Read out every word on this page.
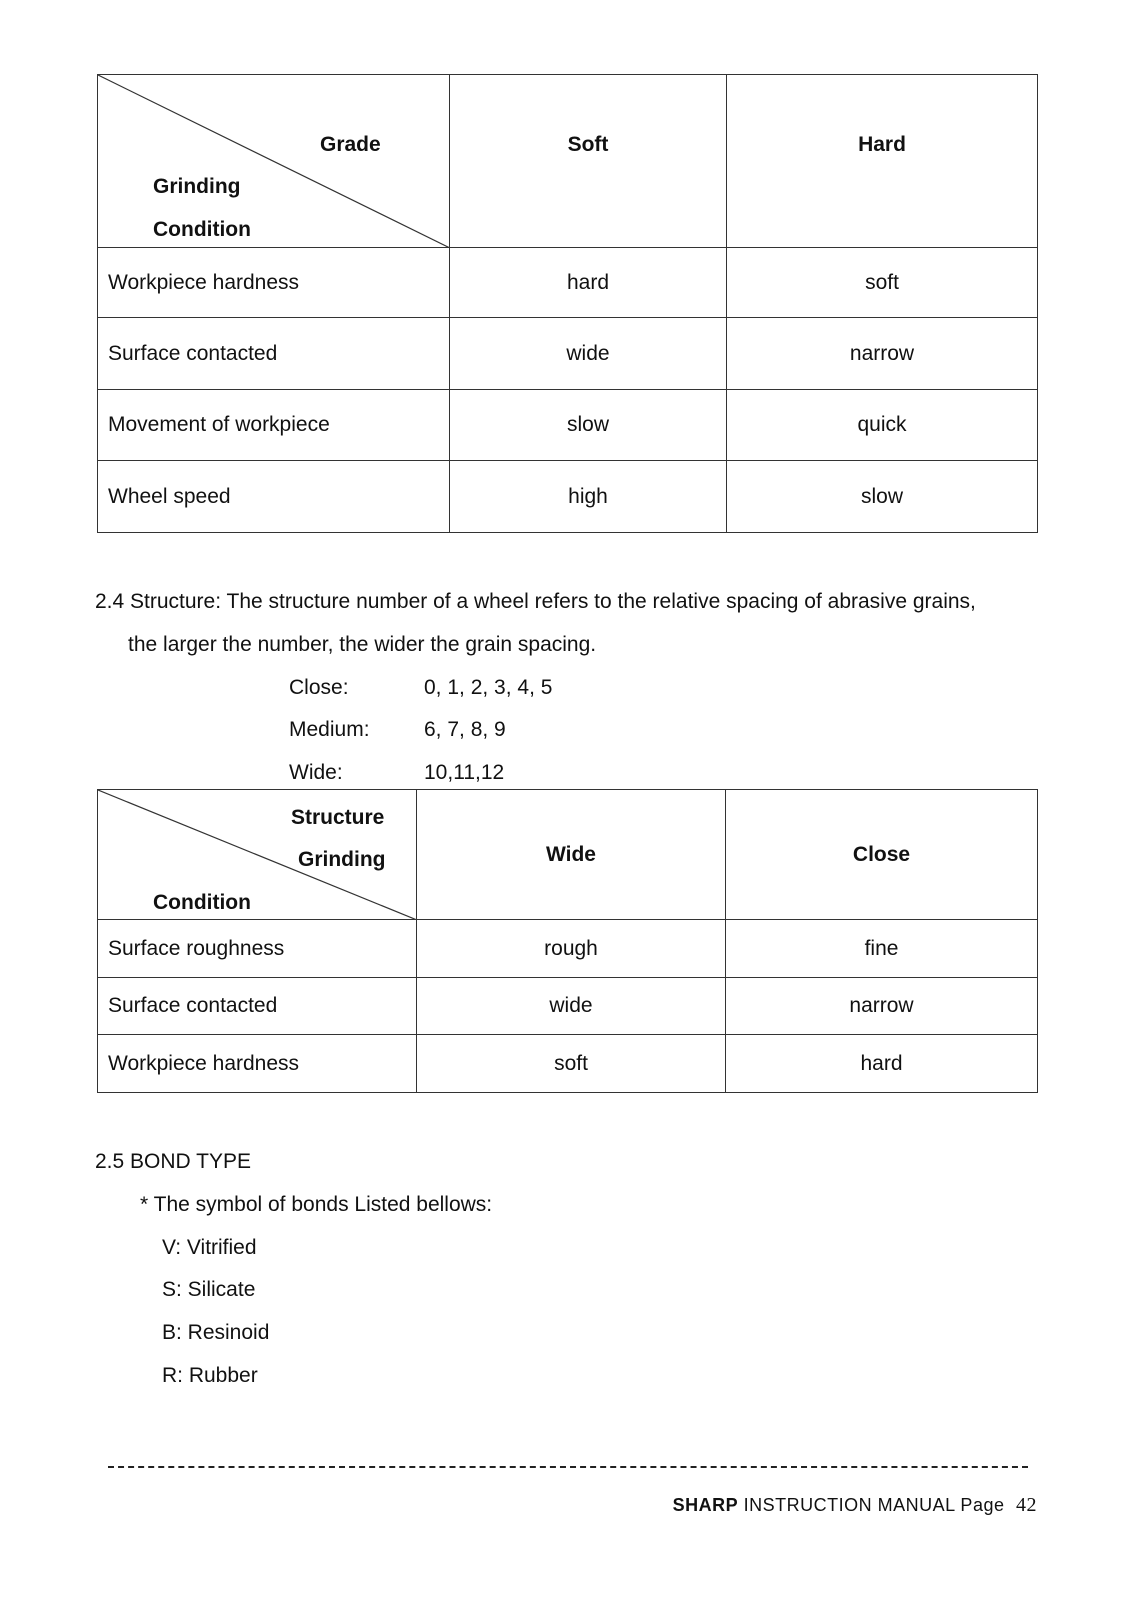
Grade
Grinding
Condition	Soft	Hard
Workpiece hardness	hard	soft
Surface contacted	wide	narrow
Movement of workpiece	slow	quick
Wheel speed	high	slow
2.4 Structure: The structure number of a wheel refers to the relative spacing of abrasive grains,
the larger the number, the wider the grain spacing.
Close:	0, 1, 2, 3, 4, 5
Medium:	6, 7, 8, 9
Wide:	10,11,12
Structure
Grinding
Condition	Wide	Close
Surface roughness	rough	fine
Surface contacted	wide	narrow
Workpiece hardness	soft	hard
2.5 BOND TYPE
* The symbol of bonds Listed bellows:
V: Vitrified
S: Silicate
B: Resinoid
R: Rubber
SHARP INSTRUCTION MANUAL Page 42
